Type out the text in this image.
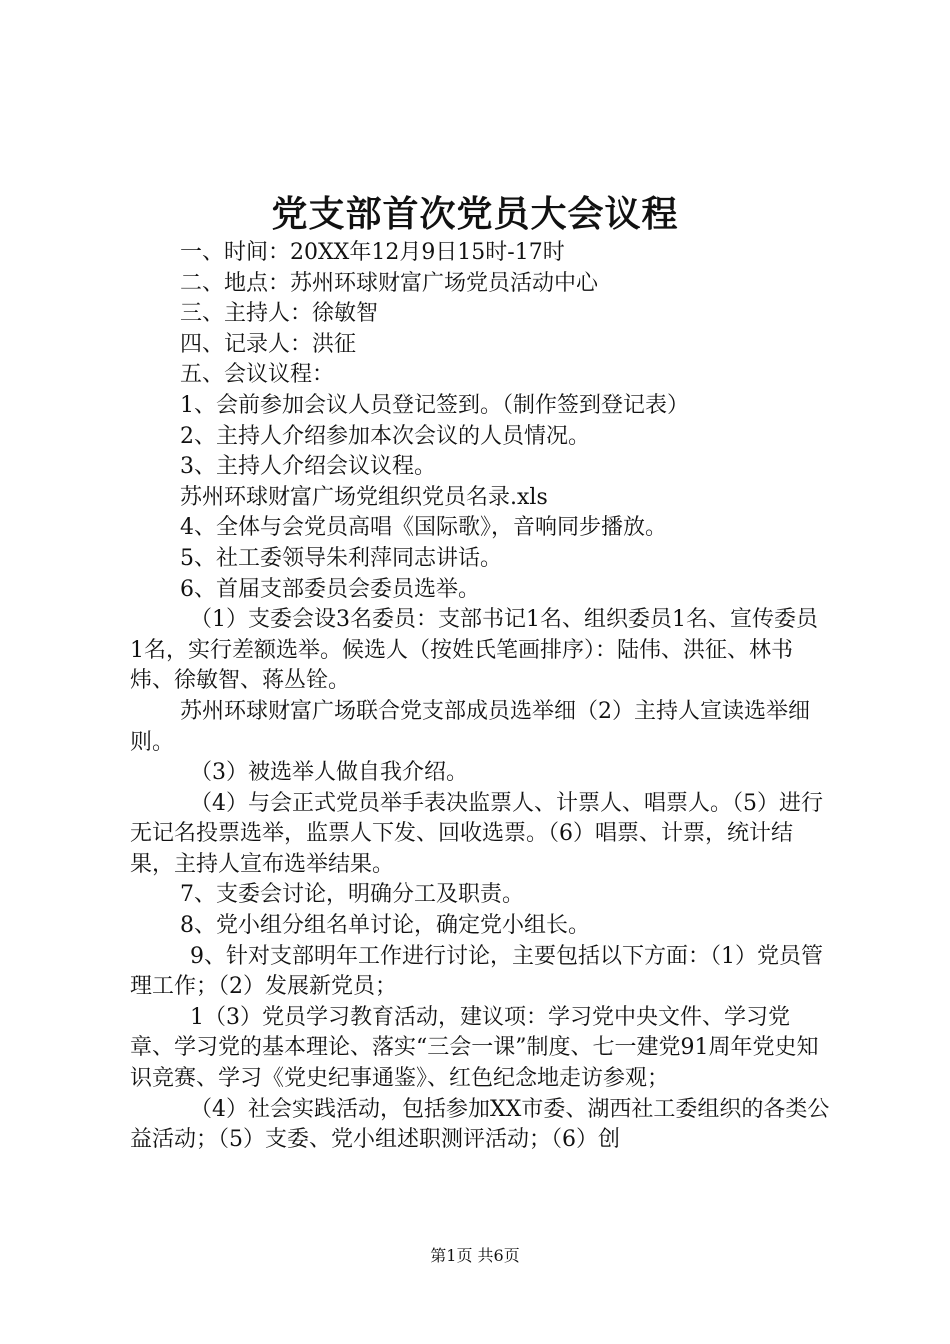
党支部首次党员大会议程

一、时间：20XX年12月9日15时-17时

二、地点：苏州环球财富广场党员活动中心

三、主持人：徐敏智

四、记录人：洪征

五、会议议程：

1、会前参加会议人员登记签到。（制作签到登记表）

2、主持人介绍参加本次会议的人员情况。

3、主持人介绍会议议程。

苏州环球财富广场党组织党员名录.xls

4、全体与会党员高唱《国际歌》，音响同步播放。

5、社工委领导朱利萍同志讲话。

6、首届支部委员会委员选举。

（1）支委会设3名委员：支部书记1名、组织委员1名、宣传委员1名，实行差额选举。候选人（按姓氏笔画排序）：陆伟、洪征、林书炜、徐敏智、蒋丛铨。

苏州环球财富广场联合党支部成员选举细（2）主持人宣读选举细则。

（3）被选举人做自我介绍。

（4）与会正式党员举手表决监票人、计票人、唱票人。（5）进行无记名投票选举，监票人下发、回收选票。（6）唱票、计票，统计结果，主持人宣布选举结果。

7、支委会讨论，明确分工及职责。

8、党小组分组名单讨论，确定党小组长。

9、针对支部明年工作进行讨论，主要包括以下方面：（1）党员管理工作；（2）发展新党员；

1（3）党员学习教育活动，建议项：学习党中央文件、学习党章、学习党的基本理论、落实“三会一课”制度、七一建党91周年党史知识竞赛、学习《党史纪事通鉴》、红色纪念地走访参观；

（4）社会实践活动，包括参加XX市委、湖西社工委组织的各类公益活动；（5）支委、党小组述职测评活动；（6）创

第1页 共6页
